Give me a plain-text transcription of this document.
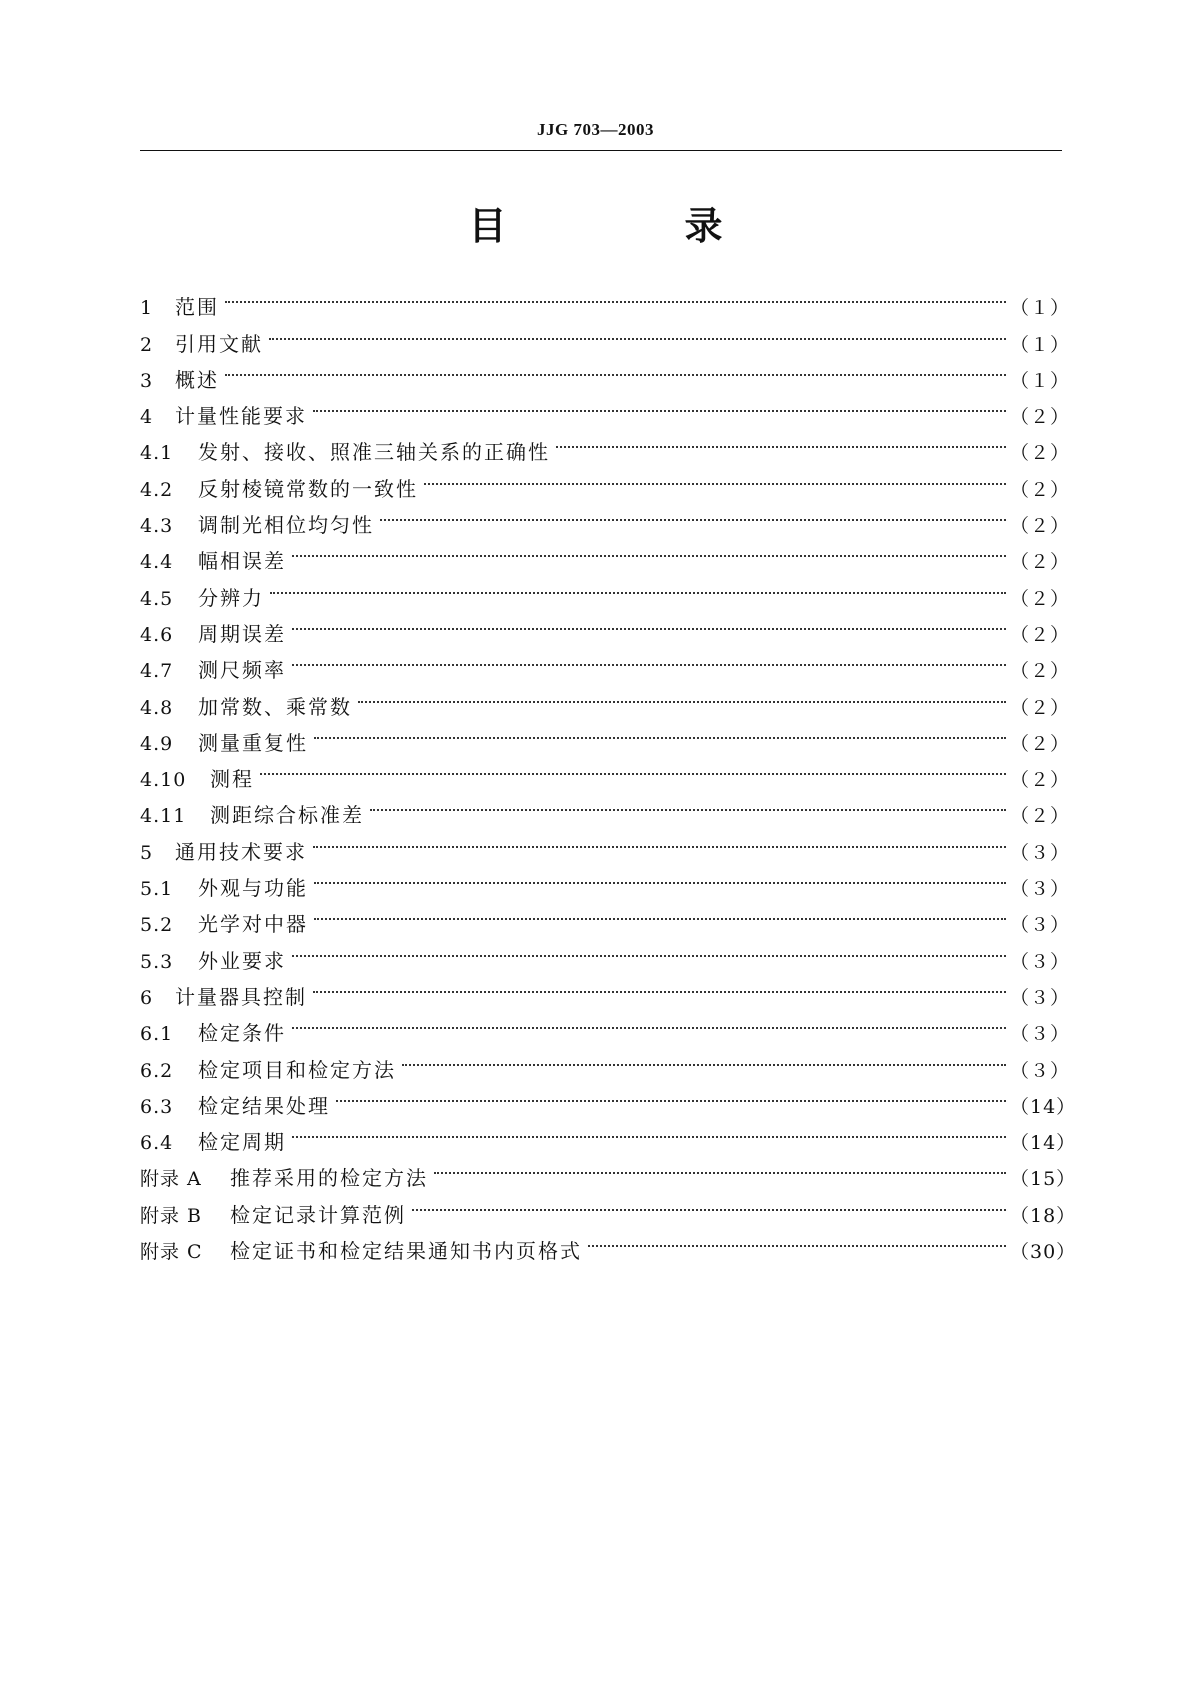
JJG 703—2003
目　录
1	范围	（１）
2	引用文献	（１）
3	概述	（１）
4	计量性能要求	（２）
4.1	发射、接收、照准三轴关系的正确性	（２）
4.2	反射棱镜常数的一致性	（２）
4.3	调制光相位均匀性	（２）
4.4	幅相误差	（２）
4.5	分辨力	（２）
4.6	周期误差	（２）
4.7	测尺频率	（２）
4.8	加常数、乘常数	（２）
4.9	测量重复性	（２）
4.10	测程	（２）
4.11	测距综合标准差	（２）
5	通用技术要求	（３）
5.1	外观与功能	（３）
5.2	光学对中器	（３）
5.3	外业要求	（３）
6	计量器具控制	（３）
6.1	检定条件	（３）
6.2	检定项目和检定方法	（３）
6.3	检定结果处理	（14）
6.4	检定周期	（14）
附录 A	推荐采用的检定方法	（15）
附录 B	检定记录计算范例	（18）
附录 C	检定证书和检定结果通知书内页格式	（30）
